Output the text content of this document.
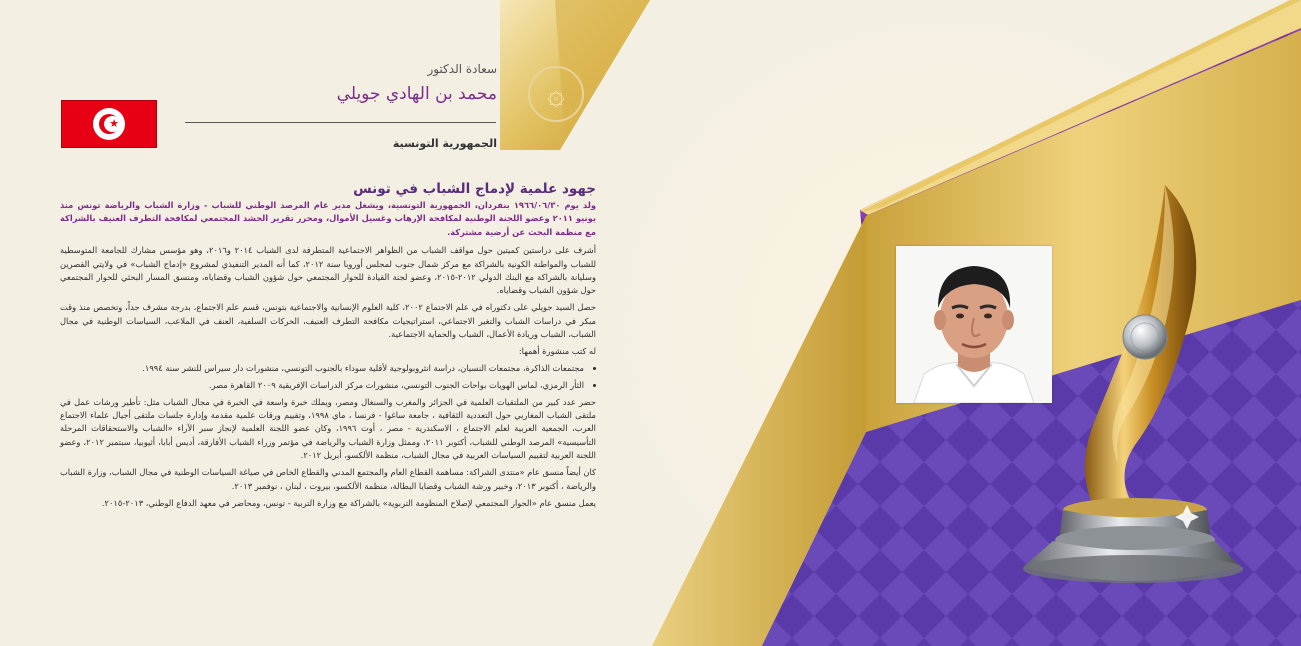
۞
سعادة الدكتور
محمد بن الهادي جويلي
الجمهورية التونسية
★
جهود علمية لإدماج الشباب في تونس

ولد يوم ١٩٦٦/٠٦/٣٠ بنفردان، الجمهورية التونسية، ويشغل مدير عام المرصد الوطني للشباب - وزارة الشباب والرياضة تونس منذ يونيو ٢٠١١ وعضو اللجنة الوطنية لمكافحة الإرهاب وغسيل الأموال، ومحرر تقرير الحشد المجتمعي لمكافحة التطرف العنيف بالشراكة مع منظمة البحث عن أرضية مشتركة.

أشرف على دراستين كميتين حول مواقف الشباب من الظواهر الاجتماعية المتطرفة لدى الشباب ٢٠١٤ و٢٠١٦، وهو مؤسس مشارك للجامعة المتوسطية للشباب والمواطنة الكونية بالشراكة مع مركز شمال جنوب لمجلس أوروبا سنة ٢٠١٢، كما أنه المدير التنفيذي لمشروع «إدماج الشباب» في ولايتي القصرين وسليانة بالشراكة مع البنك الدولي ٢٠١٢-٢٠١٥، وعضو لجنة القيادة للحوار المجتمعي حول شؤون الشباب وقضاياه، ومنسق المسار البحثي للحوار المجتمعي حول شؤون الشباب وقضاياه.

حصل السيد جويلي على دكتوراه في علم الاجتماع ٢٠٠٢، كلية العلوم الإنسانية والاجتماعية بتونس، قسم علم الاجتماع، بدرجة مشرف جداً، وتخصص منذ وقت مبكر في دراسات الشباب والتغير الاجتماعي، استراتيجيات مكافحة التطرف العنيف، الحركات السلفية، العنف في الملاعب، السياسات الوطنية في مجال الشباب، الشباب وريادة الأعمال، الشباب والحماية الاجتماعية.

له كتب منشورة أهمها:

• مجتمعات الذاكرة، مجتمعات النسيان، دراسة انثروبولوجية لأقلية سوداء بالجنوب التونسي، منشورات دار سيراس للنشر سنة ١٩٩٤.
• الثأر الرمزي، لماس الهويات بواحات الجنوب التونسي، منشورات مركز الدراسات الإفريقية ٢٠٠٩ القاهرة مصر.

حضر عدد كبير من الملتقيات العلمية في الجزائر والمغرب والسنغال ومصر، ويملك خبرة واسعة في الخبرة في مجال الشباب مثل: تأطير ورشات عمل في ملتقى الشباب المغاربي حول التعددية الثقافية ، جامعة ساغوا - فرنسا ، ماي ١٩٩٨، وتقييم ورقات علمية مقدمة وإدارة جلسات ملتقى أجيال علماء الاجتماع العرب، الجمعية العربية لعلم الاجتماع ، الاسكندرية - مصر ، أوت ١٩٩٦، وكان عضو اللجنة العلمية لإنجاز سبر الآراء «الشباب والاستحقاقات المرحلة التأسيسية» المرصد الوطني للشباب، أكتوبر ٢٠١١، وممثل وزارة الشباب والرياضة في مؤتمر وزراء الشباب الأفارقة، أديس أبابا، أثيوبيا، سبتمبر ٢٠١٢، وعضو اللجنة العربية لتقييم السياسات العربية في مجال الشباب، منظمة الألكسو، أبريل ٢٠١٢.

كان أيضاً منسق عام «منتدى الشراكة: مساهمة القطاع العام والمجتمع المدني والقطاع الخاص في صياغة السياسات الوطنية في مجال الشباب، وزارة الشباب والرياضة ، أكتوبر ٢٠١٣، وخبير ورشة الشباب وقضايا البطالة، منظمة الألكسو، بيروت ، لبنان ، نوفمبر ٢٠١٣.

يعمل منسق عام «الحوار المجتمعي لإصلاح المنظومة التربوية» بالشراكة مع وزارة التربية - تونس، ومحاضر في معهد الدفاع الوطني، ٢٠١٣-٢٠١٥.
